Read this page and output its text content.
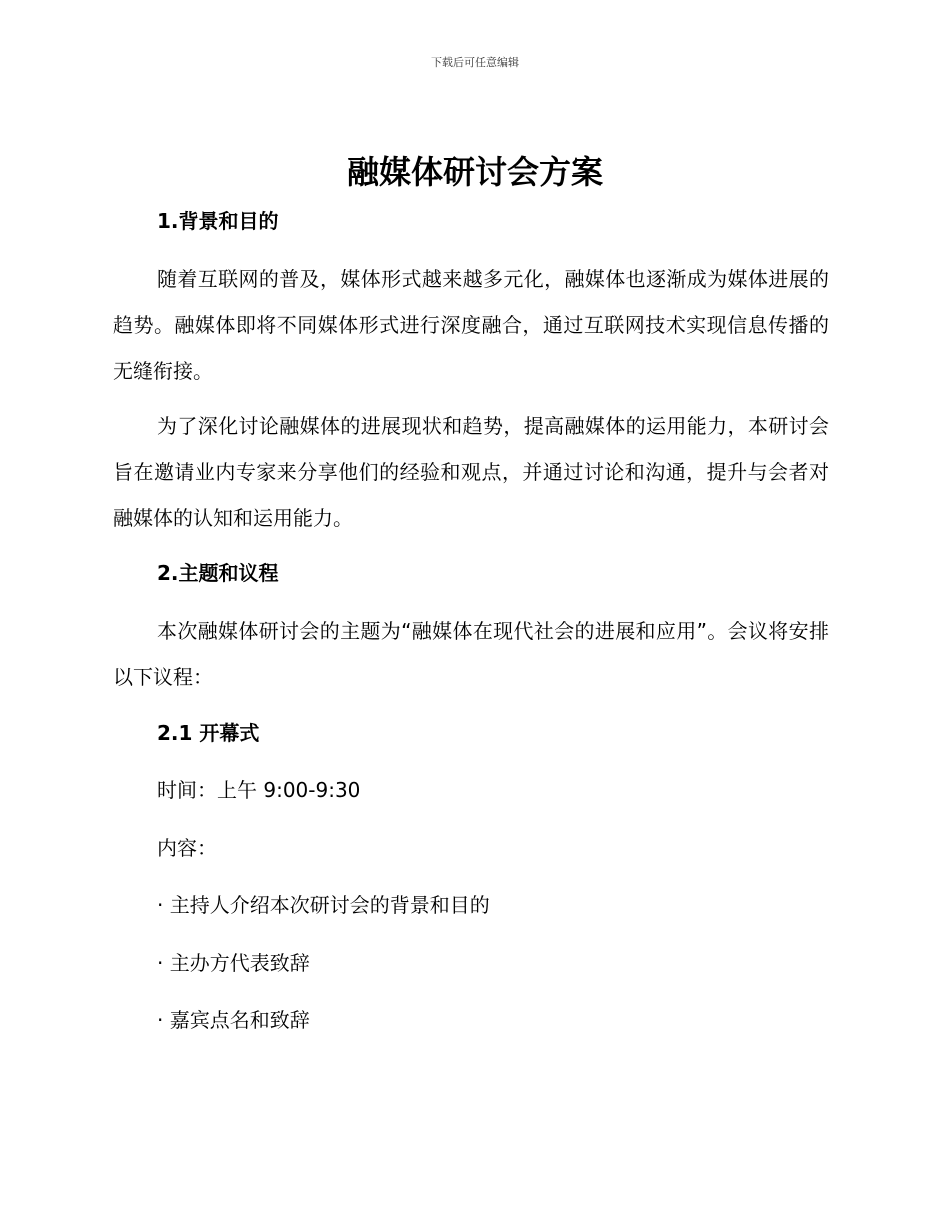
下载后可任意编辑
融媒体研讨会方案
1.背景和目的

随着互联网的普及，媒体形式越来越多元化，融媒体也逐渐成为媒体进展的趋势。融媒体即将不同媒体形式进行深度融合，通过互联网技术实现信息传播的无缝衔接。

为了深化讨论融媒体的进展现状和趋势，提高融媒体的运用能力，本研讨会旨在邀请业内专家来分享他们的经验和观点，并通过讨论和沟通，提升与会者对融媒体的认知和运用能力。

2.主题和议程

本次融媒体研讨会的主题为“融媒体在现代社会的进展和应用”。会议将安排以下议程：

2.1 开幕式

时间：上午 9:00-9:30

内容：

· 主持人介绍本次研讨会的背景和目的

· 主办方代表致辞

· 嘉宾点名和致辞
